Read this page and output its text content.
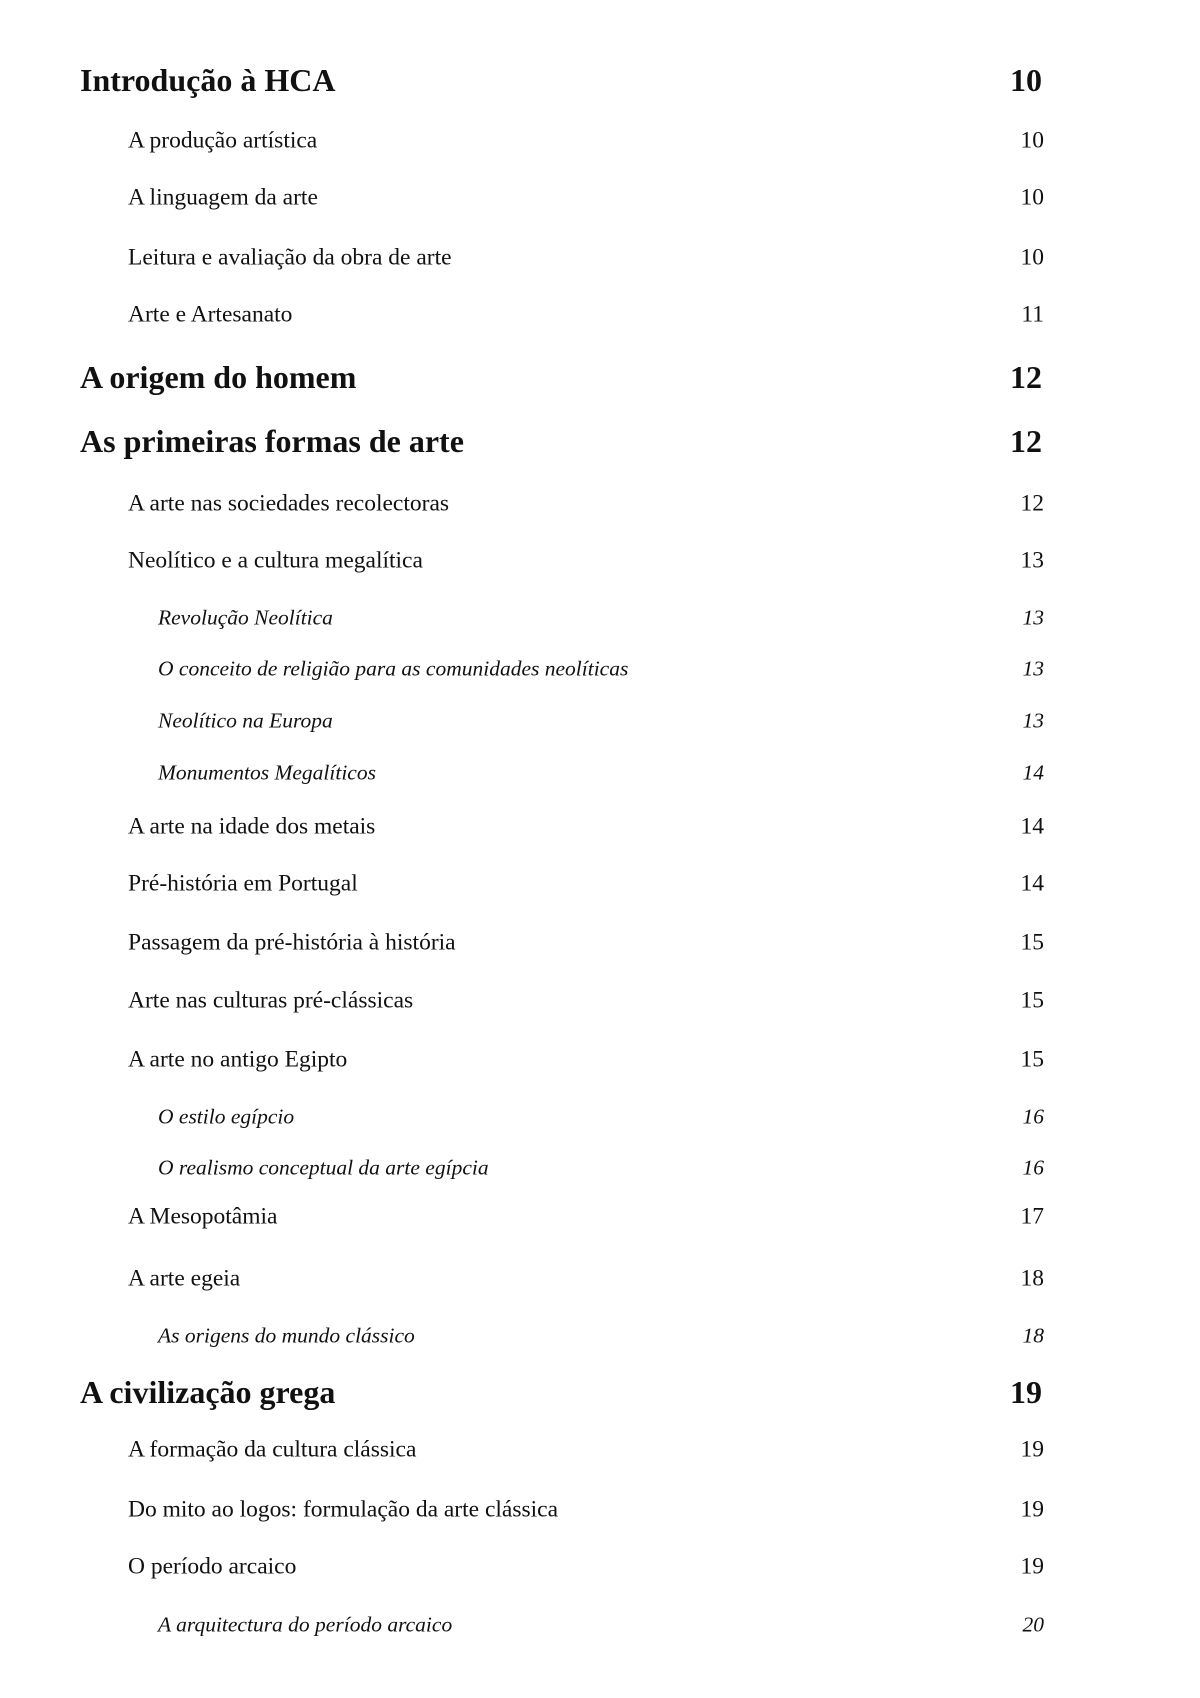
Introdução à HCA	10
A produção artística	10
A linguagem da arte	10
Leitura e avaliação da obra de arte	10
Arte e Artesanato	11
A origem do homem	12
As primeiras formas de arte	12
A arte nas sociedades recolectoras	12
Neolítico e a cultura megalítica	13
Revolução Neolítica	13
O conceito de religião para as comunidades neolíticas	13
Neolítico na Europa	13
Monumentos Megalíticos	14
A arte na idade dos metais	14
Pré-história em Portugal	14
Passagem da pré-história à história	15
Arte nas culturas pré-clássicas	15
A arte no antigo Egipto	15
O estilo egípcio	16
O realismo conceptual da arte egípcia	16
A Mesopotâmia	17
A arte egeia	18
As origens do mundo clássico	18
A civilização grega	19
A formação da cultura clássica	19
Do mito ao logos: formulação da arte clássica	19
O período arcaico	19
A arquitectura do período arcaico	20
